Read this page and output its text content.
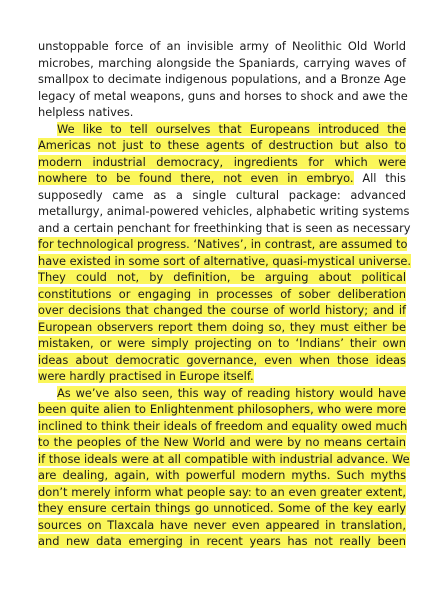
unstoppable force of an invisible army of Neolithic Old World
microbes, marching alongside the Spaniards, carrying waves of
smallpox to decimate indigenous populations, and a Bronze Age
legacy of metal weapons, guns and horses to shock and awe the
helpless natives.
We like to tell ourselves that Europeans introduced the
Americas not just to these agents of destruction but also to
modern industrial democracy, ingredients for which were
nowhere to be found there, not even in embryo. All this
supposedly came as a single cultural package: advanced
metallurgy, animal-powered vehicles, alphabetic writing systems
and a certain penchant for freethinking that is seen as necessary
for technological progress. ‘Natives’, in contrast, are assumed to
have existed in some sort of alternative, quasi-mystical universe.
They could not, by definition, be arguing about political
constitutions or engaging in processes of sober deliberation
over decisions that changed the course of world history; and if
European observers report them doing so, they must either be
mistaken, or were simply projecting on to ‘Indians’ their own
ideas about democratic governance, even when those ideas
were hardly practised in Europe itself.
As we’ve also seen, this way of reading history would have
been quite alien to Enlightenment philosophers, who were more
inclined to think their ideals of freedom and equality owed much
to the peoples of the New World and were by no means certain
if those ideals were at all compatible with industrial advance. We
are dealing, again, with powerful modern myths. Such myths
don’t merely inform what people say: to an even greater extent,
they ensure certain things go unnoticed. Some of the key early
sources on Tlaxcala have never even appeared in translation,
and new data emerging in recent years has not really been
